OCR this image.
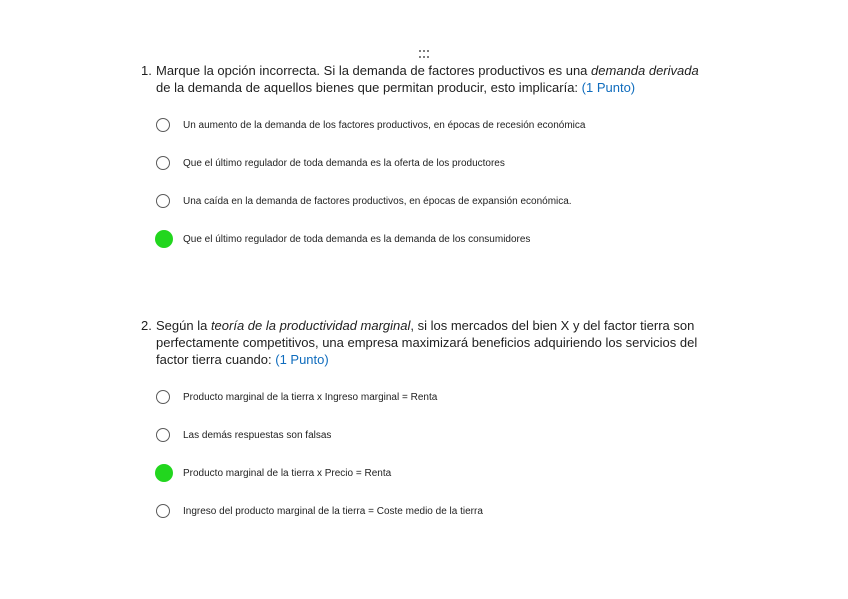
1. Marque la opción incorrecta. Si la demanda de factores productivos es una demanda derivada de la demanda de aquellos bienes que permitan producir, esto implicaría: (1 Punto)
Un aumento de la demanda de los factores productivos, en épocas de recesión económica
Que el último regulador de toda demanda es la oferta de los productores
Una caída en la demanda de factores productivos, en épocas de expansión económica.
Que el último regulador de toda demanda es la demanda de los consumidores
2. Según la teoría de la productividad marginal, si los mercados del bien X y del factor tierra son perfectamente competitivos, una empresa maximizará beneficios adquiriendo los servicios del factor tierra cuando: (1 Punto)
Producto marginal de la tierra x Ingreso marginal = Renta
Las demás respuestas son falsas
Producto marginal de la tierra x Precio = Renta
Ingreso del producto marginal de la tierra = Coste medio de la tierra
